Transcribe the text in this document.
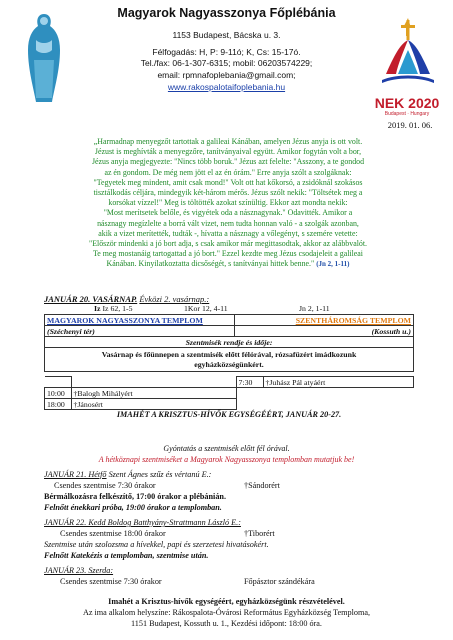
NEK 2020
Budapest · Hungary
2019. 01. 06.
Magyarok Nagyasszonya Főplébánia
1153 Budapest, Bácska u. 3.
Félfogadás: H, P: 9-11ó; K, Cs: 15-17ó.
Tel./fax: 06-1-307-6315; mobil: 06203574229;
email: rpmnafoplebania@gmail.com;
www.rakospalotaifoplebania.hu
„Harmadnap menyegzőt tartottak a galileai Kánában, amelyen Jézus anyja is ott volt.
Jézust is meghívták a menyegzőre, tanítványaival együtt. Amikor fogytán volt a bor,
Jézus anyja megjegyezte: "Nincs több boruk." Jézus azt felelte: "Asszony, a te gondod
az én gondom. De még nem jött el az én órám." Erre anyja szólt a szolgáknak:
"Tegyetek meg mindent, amit csak mond!" Volt ott hat kőkorsó, a zsidóknál szokásos
tisztálkodás céljára, mindegyik két-három mérős. Jézus szólt nekik: "Töltsétek meg a
korsókat vízzel!" Meg is töltötték azokat színültig. Ekkor azt mondta nekik:
"Most merítsetek belőle, és vigyétek oda a násznagynak." Odavitték. Amikor a
násznagy megízlelte a borrá vált vizet, nem tudta honnan való - a szolgák azonban,
akik a vizet merítették, tudták -, hívatta a násznagy a vőlegényt, s szemére vetette:
"Először mindenki a jó bort adja, s csak amikor már megittasodtak, akkor az alábbvalót.
Te meg mostanáig tartogattad a jó bort." Ezzel kezdte meg Jézus csodajeleit a galileai
Kánában. Kinyilatkoztatta dicsőségét, s tanítványai hittek benne." (Jn 2, 1-11)
JANUÁR 20. VASÁRNAP. Évközi 2. vasárnap.:
Iz Iz 62, 1-5	1Kor 12, 4-11	Jn 2, 1-11
MAGYAROK NAGYASSZONYA TEMPLOM	SZENTHÁROMSÁG TEMPLOM
(Széchenyi tér)	(Kossuth u.)
Szentmisék rendje és idője:	

Vasárnap és főünnepen a szentmisék előtt félórával, rózsafüzért imádkozunk
egyházközségünkért.	
		7:30	†Juhász Pál atyáért
10:00	†Balogh Mihályért		
18:00	†Jánosért		
IMAHÉT A KRISZTUS-HÍVŐK EGYSÉGÉÉRT, JANUÁR 20-27.
Gyóntatás a szentmisék előtt fél órával.
A hétköznapi szentmiséket a Magyarok Nagyasszonya templomban mutatjuk be!
JANUÁR 21. Hétfő Szent Ágnes szűz és vértanú E.:
Csendes szentmise 7:30 órakor	†Sándorért
Bérmálkozásra felkészítő, 17:00 órakor a plébánián.
Felnőtt énekkari próba, 19:00 órakor a templomban.
JANUÁR 22. Kedd Boldog Batthyány-Strattmann László E.:
Csendes szentmise 18:00 órakor	†Tiborért
Szentmise után szolozsma a hívekkel, papi és szerzetesi hivatásokért.
Felnőtt Katekézis a templomban, szentmise után.
JANUÁR 23. Szerda:
Csendes szentmise 7:30 órakor	Főpásztor szándékára
Imahét a Krisztus-hívők egységéért, egyházközségünk részvételével.
Az ima alkalom helyszíne: Rákospalota-Óvárosi Református Egyházközség Temploma,
1151 Budapest, Kossuth u. 1., Kezdési időpont: 18:00 óra.
